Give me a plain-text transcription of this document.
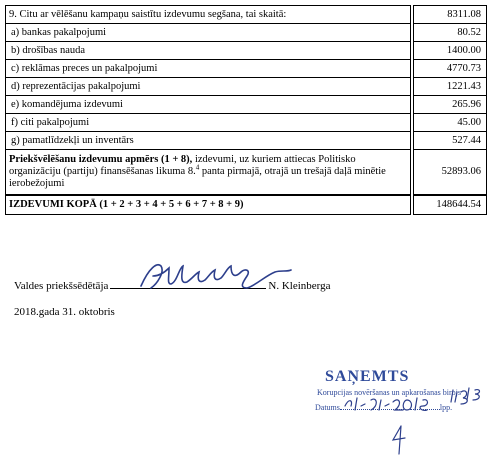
9. Citu ar vēlēšanu kampaņu saistītu izdevumu segšana, tai skaitā:		8311.08
a) bankas pakalpojumi		80.52
b) drošības nauda		1400.00
c) reklāmas preces un pakalpojumi		4770.73
d) reprezentācijas pakalpojumi		1221.43
e) komandējuma izdevumi		265.96
f) citi pakalpojumi		45.00
g) pamatlīdzekļi un inventārs		527.44
Priekšvēlēšanu izdevumu apmērs (1 + 8), izdevumi, uz kuriem attiecas Politisko organizāciju (partiju) finansēšanas likuma 8.$^4$ panta pirmajā, otrajā un trešajā daļā minētie ierobežojumi		52893.06
IZDEVUMI KOPĀ (1 + 2 + 3 + 4 + 5 + 6 + 7 + 8 + 9)		148644.54
Valdes priekšsēdētāja	N. Kleinberga
2018.gada 31. oktobris
SAŅEMTS
Korupcijas novēršanas un apkarošanas birojs
Datums	lpp.
